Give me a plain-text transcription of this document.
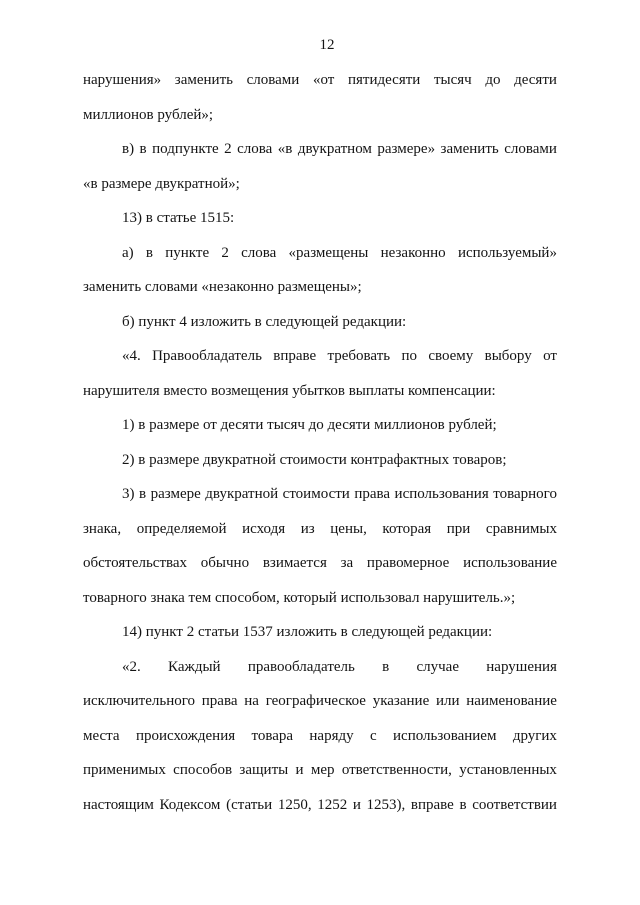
12
нарушения» заменить словами «от пятидесяти тысяч до десяти
миллионов рублей»;
в) в подпункте 2 слова «в двукратном размере» заменить словами
«в размере двукратной»;
13) в статье 1515:
а) в пункте 2 слова «размещены незаконно используемый»
заменить словами «незаконно размещены»;
б) пункт 4 изложить в следующей редакции:
«4. Правообладатель вправе требовать по своему выбору от
нарушителя вместо возмещения убытков выплаты компенсации:
1) в размере от десяти тысяч до десяти миллионов рублей;
2) в размере двукратной стоимости контрафактных товаров;
3) в размере двукратной стоимости права использования товарного
знака, определяемой исходя из цены, которая при сравнимых
обстоятельствах обычно взимается за правомерное использование
товарного знака тем способом, который использовал нарушитель.»;
14) пункт 2 статьи 1537 изложить в следующей редакции:
«2. Каждый правообладатель в случае нарушения
исключительного права на географическое указание или наименование
места происхождения товара наряду с использованием других
применимых способов защиты и мер ответственности, установленных
настоящим Кодексом (статьи 1250, 1252 и 1253), вправе в соответствии
